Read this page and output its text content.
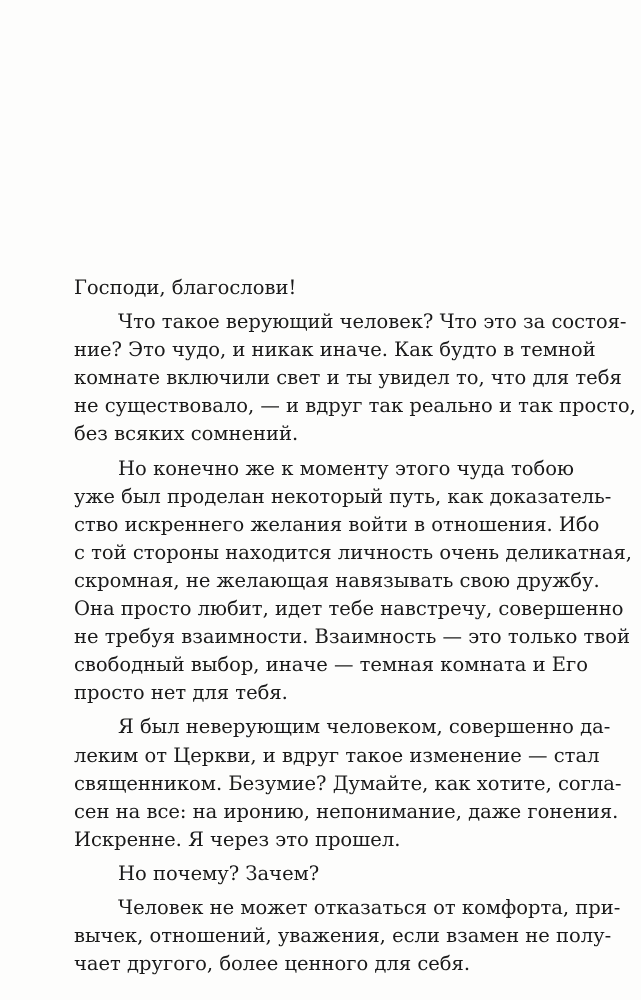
Господи, благослови!

Что такое верующий человек? Что это за состоя-
ние? Это чудо, и никак иначе. Как будто в темной
комнате включили свет и ты увидел то, что для тебя
не существовало, — и вдруг так реально и так просто,
без всяких сомнений.

Но конечно же к моменту этого чуда тобою
уже был проделан некоторый путь, как доказатель-
ство искреннего желания войти в отношения. Ибо
с той стороны находится личность очень деликатная,
скромная, не желающая навязывать свою дружбу.
Она просто любит, идет тебе навстречу, совершенно
не требуя взаимности. Взаимность — это только твой
свободный выбор, иначе — темная комната и Его
просто нет для тебя.

Я был неверующим человеком, совершенно да-
леким от Церкви, и вдруг такое изменение — стал
священником. Безумие? Думайте, как хотите, согла-
сен на все: на иронию, непонимание, даже гонения.
Искренне. Я через это прошел.

Но почему? Зачем?

Человек не может отказаться от комфорта, при-
вычек, отношений, уважения, если взамен не полу-
чает другого, более ценного для себя.
